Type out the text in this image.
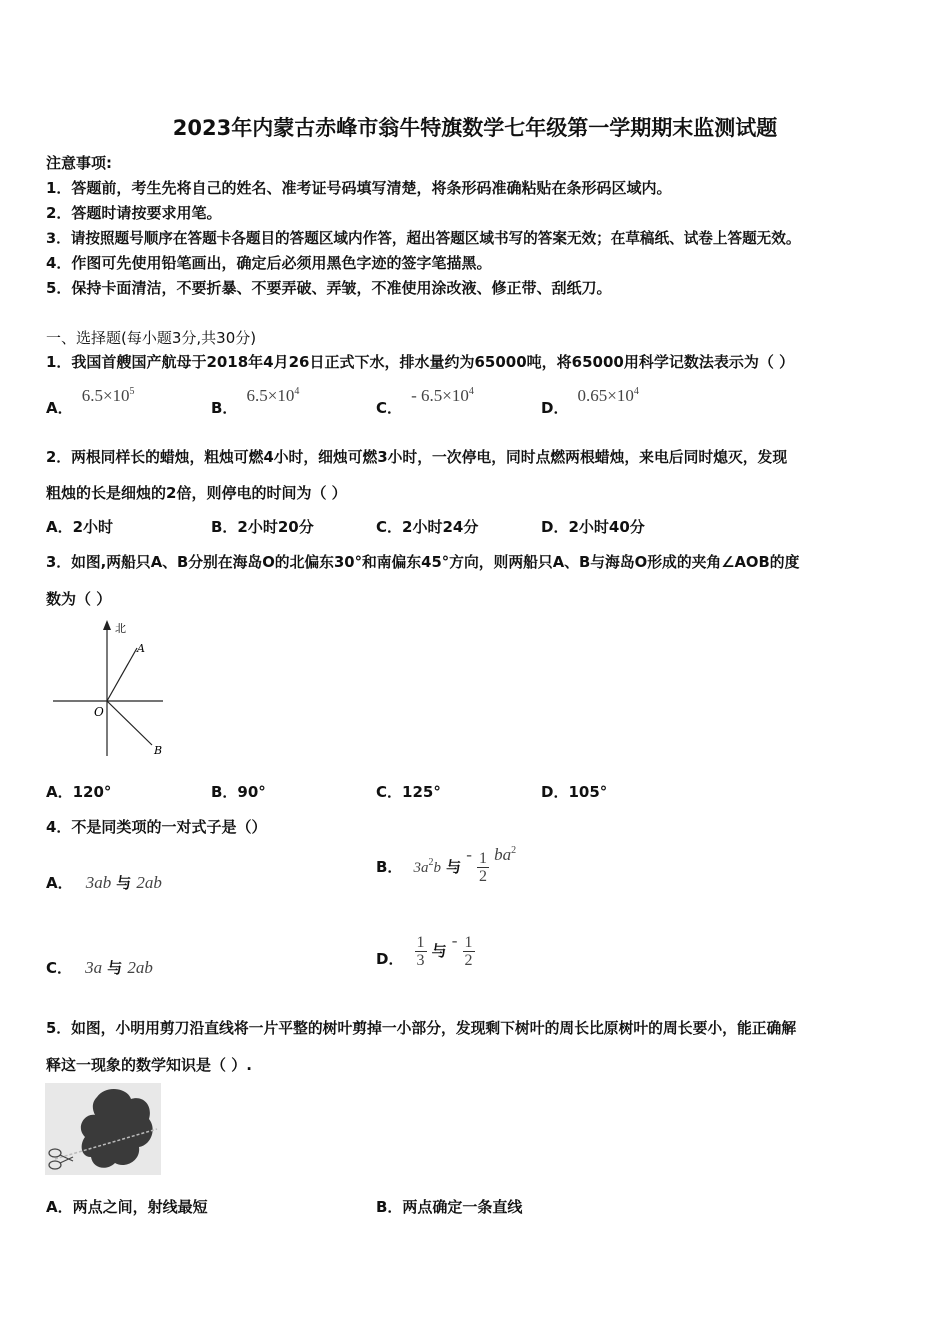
2023年内蒙古赤峰市翁牛特旗数学七年级第一学期期末监测试题
注意事项:
1．答题前，考生先将自己的姓名、准考证号码填写清楚，将条形码准确粘贴在条形码区域内。
2．答题时请按要求用笔。
3．请按照题号顺序在答题卡各题目的答题区域内作答，超出答题区域书写的答案无效；在草稿纸、试卷上答题无效。
4．作图可先使用铅笔画出，确定后必须用黑色字迹的签字笔描黑。
5．保持卡面清洁，不要折暴、不要弄破、弄皱，不准使用涂改液、修正带、刮纸刀。
一、选择题(每小题3分,共30分)
1．我国首艘国产航母于2018年4月26日正式下水，排水量约为65000吨，将65000用科学记数法表示为（ ）
A． $6.5\times 10^5$
B． $6.5\times 10^4$
C． - $6.5\times 10^4$
D． $0.65\times 10^4$
2．两根同样长的蜡烛，粗烛可燃4小时，细烛可燃3小时，一次停电，同时点燃两根蜡烛，来电后同时熄灭，发现
粗烛的长是细烛的2倍，则停电的时间为（ ）
A．2小时	B．2小时20分	C．2小时24分	D．2小时40分
3．如图,两船只A、B分别在海岛O的北偏东30°和南偏东45°方向，则两船只A、B与海岛O形成的夹角∠AOB的度
数为（ ）
北
A
O
B
A．120°	B．90°	C．125°	D．105°
4．不是同类项的一对式子是（）
A． 3ab 与 2ab
B． $3a^2b$ 与 - $\frac{1}{2} ba^2$
C． 3a 与 2ab	D． $\frac{1}{3}$ 与 - $\frac{1}{2}$
5．如图，小明用剪刀沿直线将一片平整的树叶剪掉一小部分，发现剩下树叶的周长比原树叶的周长要小，能正确解
释这一现象的数学知识是（ ）.
A．两点之间，射线最短	B．两点确定一条直线
